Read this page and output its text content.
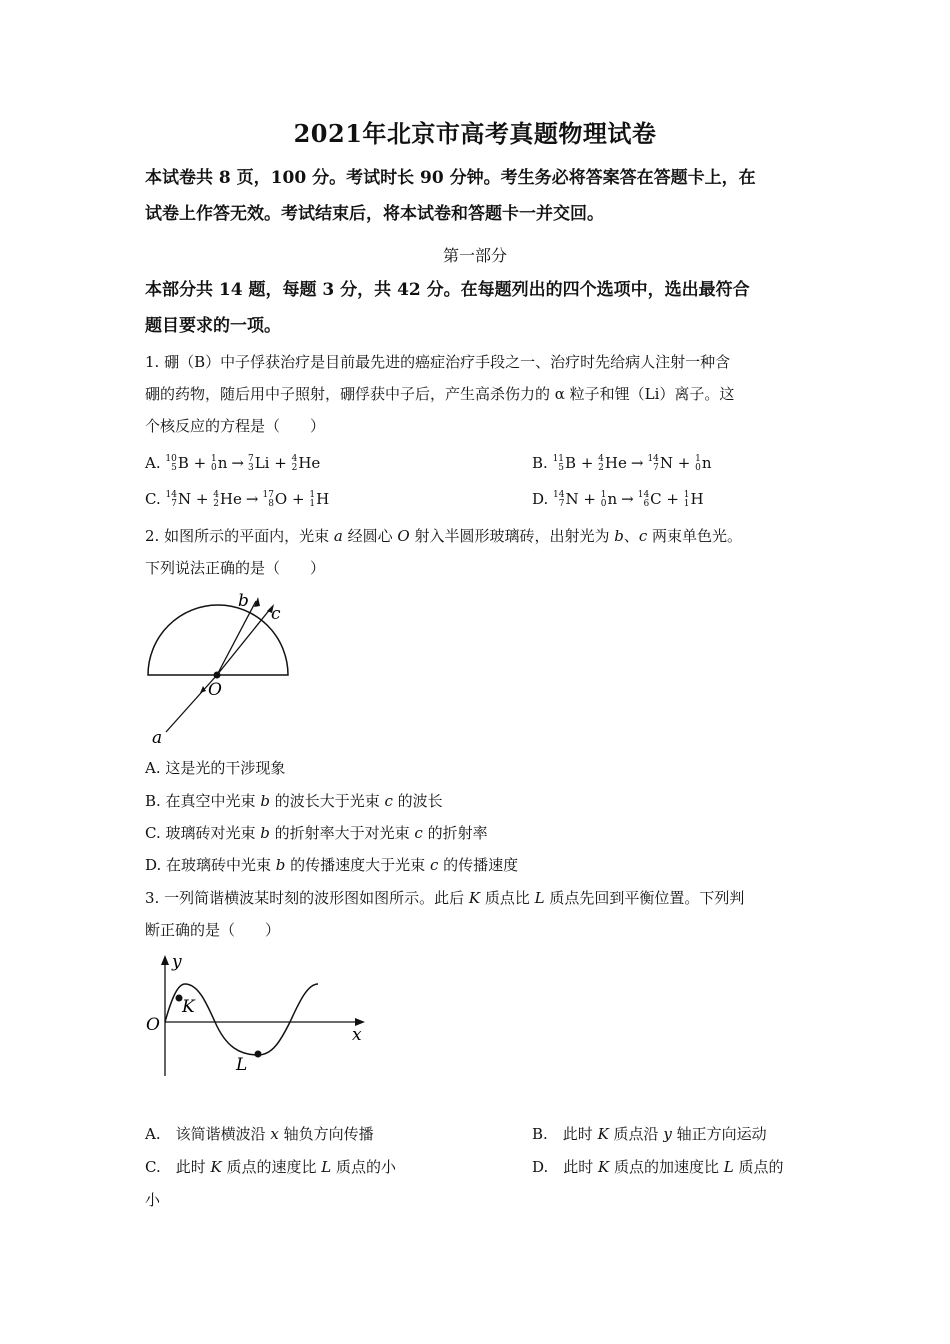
2021年北京市高考真题物理试卷
本试卷共 8 页，100 分。考试时长 90 分钟。考生务必将答案答在答题卡上，在
试卷上作答无效。考试结束后，将本试卷和答题卡一并交回。
第一部分
本部分共 14 题，每题 3 分，共 42 分。在每题列出的四个选项中，选出最符合
题目要求的一项。
1. 硼（B）中子俘获治疗是目前最先进的癌症治疗手段之一、治疗时先给病人注射一种含
硼的药物，随后用中子照射，硼俘获中子后，产生高杀伤力的 α 粒子和锂（Li）离子。这
个核反应的方程是（　　）
A. 10
5 B + 1
0 n → 7
3 Li + 4
2 He	B. 11
5 B + 4
2 He → 14
7 N + 1
0 n
C. 14
7 N + 4
2 He → 17
8 O + 1
1 H	D. 14
7 N + 1
0 n → 14
6 C + 1
1 H
2. 如图所示的平面内，光束 a 经圆心 O 射入半圆形玻璃砖，出射光为 b、c 两束单色光。
下列说法正确的是（　　）
O
a
b
c
A. 这是光的干涉现象
B. 在真空中光束 b 的波长大于光束 c 的波长
C. 玻璃砖对光束 b 的折射率大于对光束 c 的折射率
D. 在玻璃砖中光束 b 的传播速度大于光束 c 的传播速度
3. 一列简谐横波某时刻的波形图如图所示。此后 K 质点比 L 质点先回到平衡位置。下列判
断正确的是（　　）
y
x
O
K
L
A.　该简谐横波沿 x 轴负方向传播	B.　此时 K 质点沿 y 轴正方向运动
C.　此时 K 质点的速度比 L 质点的小	D.　此时 K 质点的加速度比 L 质点的
小
